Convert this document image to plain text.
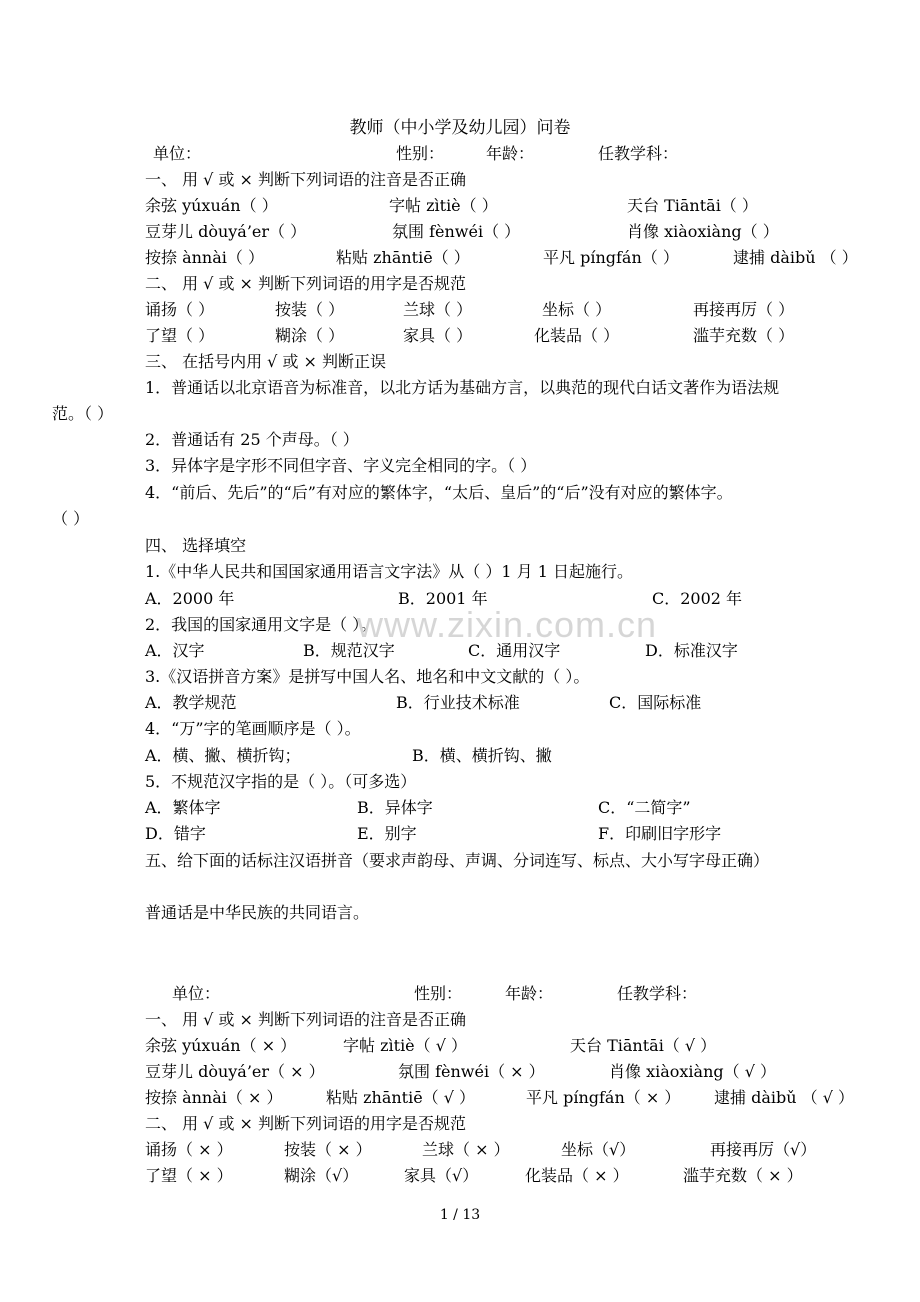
教师（中小学及幼儿园）问卷
单位：	性别：	年龄：	任教学科：
一、 用 √ 或 × 判断下列词语的注音是否正确
余弦 yúxuán（ ）	字帖 zìtiè（ ）	天台 Tiāntāi（ ）
豆芽儿 dòuyá’er（ ）	氛围 fènwéi（ ）	肖像 xiàoxiàng（ ）
按捺 ànnài（ ）	粘贴 zhāntiē（ ）	平凡 píngfán（ ）	逮捕 dàibǔ （ ）
二、 用 √ 或 × 判断下列词语的用字是否规范
诵扬（ ）	按装（ ）	兰球（ ）	坐标（ ）	再接再厉（ ）
了望（ ）	糊涂（ ）	家具（ ）	化装品（ ）	滥芋充数（ ）
三、 在括号内用 √ 或 × 判断正误
1．普通话以北京语音为标准音，以北方话为基础方言，以典范的现代白话文著作为语法规
范。（ ）
2．普通话有 25 个声母。（ ）
3．异体字是字形不同但字音、字义完全相同的字。（ ）
4．“前后、先后”的“后”有对应的繁体字，“太后、皇后”的“后”没有对应的繁体字。
（ ）
四、 选择填空
1.《中华人民共和国国家通用语言文字法》从（ ）1 月 1 日起施行。
A．2000 年	B．2001 年	C．2002 年
2．我国的国家通用文字是（ ）。
A．汉字	B．规范汉字	C．通用汉字	D．标准汉字
3.《汉语拼音方案》是拼写中国人名、地名和中文文献的（ ）。
A．教学规范	B．行业技术标准	C．国际标准
4．“万”字的笔画顺序是（ ）。
A．横、撇、横折钩；	B．横、横折钩、撇
5．不规范汉字指的是（ ）。（可多选）
A．繁体字	B．异体字	C．“二简字”
D．错字	E．别字	F．印刷旧字形字
五、给下面的话标注汉语拼音（要求声韵母、声调、分词连写、标点、大小写字母正确）
普通话是中华民族的共同语言。
单位：	性别：	年龄：	任教学科：
一、 用 √ 或 × 判断下列词语的注音是否正确
余弦 yúxuán（ × ）	字帖 zìtiè（ √ ）	天台 Tiāntāi（ √ ）
豆芽儿 dòuyá’er（ × ）	氛围 fènwéi（ × ）	肖像 xiàoxiàng（ √ ）
按捺 ànnài（ × ）	粘贴 zhāntiē（ √ ）	平凡 píngfán（ × ） 逮捕 dàibǔ （ √ ）
二、 用 √ 或 × 判断下列词语的用字是否规范
诵扬（ × ）	按装（ × ）	兰球（ × ）	坐标（√）	再接再厉（√）
了望（ × ）	糊涂（√）	家具（√）	化装品（ × ）	滥芋充数（ × ）
www.zixin.com.cn
1 / 13
